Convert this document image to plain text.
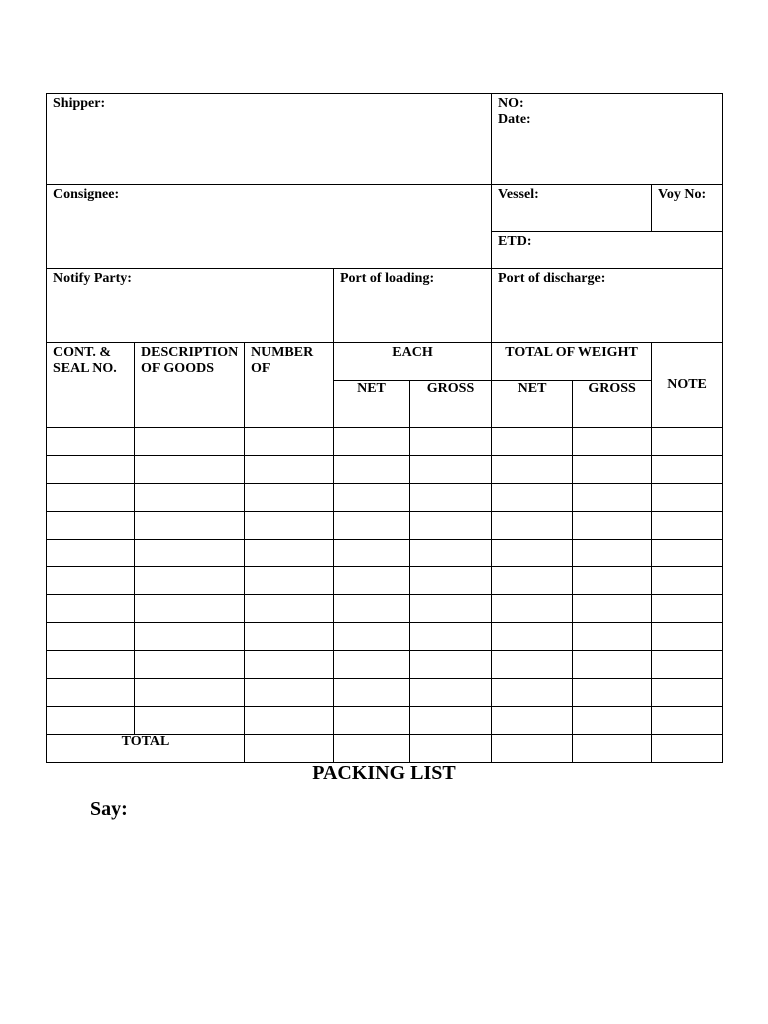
Shipper:					NO:
Date:		

Consignee:					Vessel:		Voy No:

					ETD:		

Notify Party:			Port of loading:		Port of discharge:		

CONT. & SEAL NO.	DESCRIPTION OF GOODS	NUMBER OF	EACH		TOTAL OF WEIGHT		NOTE

			NET	GROSS	NET	GROSS	

TOTAL							
PACKING LIST
Say:
